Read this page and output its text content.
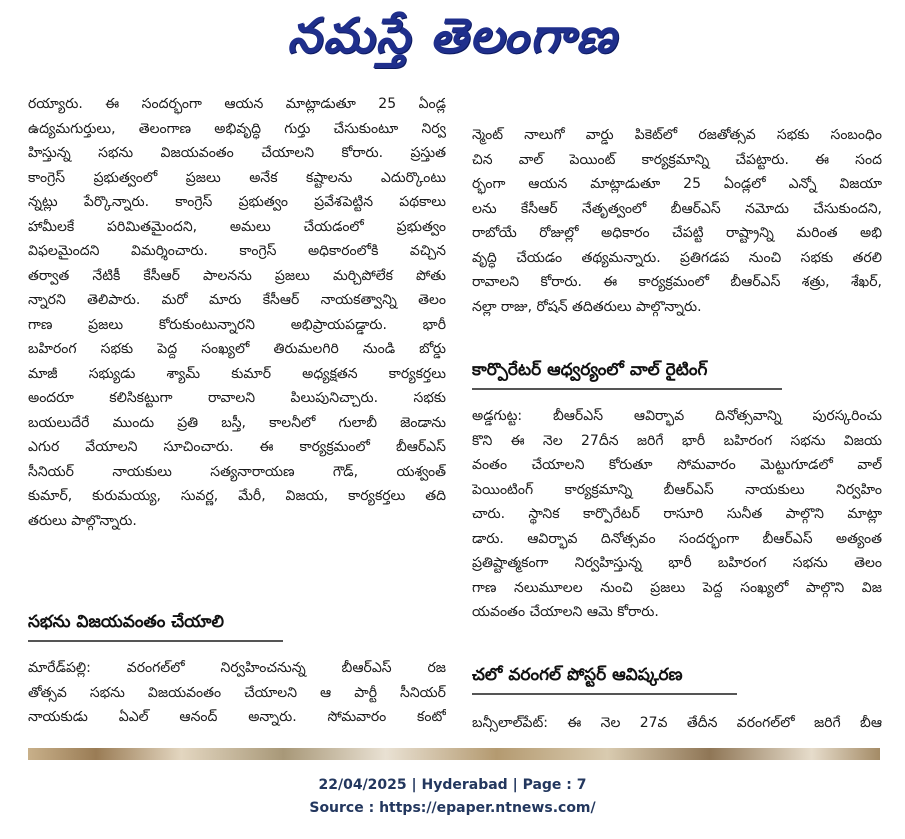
నమస్తే తెలంగాణ
రయ్యారు. ఈ సందర్భంగా ఆయన మాట్లాడుతూ 25 ఏండ్ల
ఉద్యమగుర్తులు, తెలంగాణ అభివృద్ధి గుర్తు చేసుకుంటూ నిర్వ
హిస్తున్న సభను విజయవంతం చేయాలని కోరారు. ప్రస్తుత
కాంగ్రెస్ ప్రభుత్వంలో ప్రజలు అనేక కష్టాలను ఎదుర్కొంటు
న్నట్లు పేర్కొన్నారు. కాంగ్రెస్ ప్రభుత్వం ప్రవేశపెట్టిన పథకాలు
హామీలకే పరిమితమైందని, అమలు చేయడంలో ప్రభుత్వం
విఫలమైందని విమర్శించారు. కాంగ్రెస్ అధికారంలోకి వచ్చిన
తర్వాత నేటికీ కేసీఆర్ పాలనను ప్రజలు మర్చిపోలేక పోతు
న్నారని తెలిపారు. మరో మారు కేసీఆర్ నాయకత్వాన్ని తెలం
గాణ ప్రజలు కోరుకుంటున్నారని అభిప్రాయపడ్డారు. భారీ
బహిరంగ సభకు పెద్ద సంఖ్యలో తిరుమలగిరి నుండి బోర్డు
మాజీ సభ్యుడు శ్యామ్ కుమార్ అధ్యక్షతన కార్యకర్తలు
అందరూ కలిసికట్టుగా రావాలని పిలుపునిచ్చారు. సభకు
బయలుదేరే ముందు ప్రతి బస్తీ, కాలనీలో గులాబీ జెండాను
ఎగుర వేయాలని సూచించారు. ఈ కార్యక్రమంలో బీఆర్ఎస్
సీనియర్ నాయకులు సత్యనారాయణ గౌడ్, యశ్వంత్
కుమార్, కురుమయ్య, సువర్ణ, మేరీ, విజయ, కార్యకర్తలు తది
తరులు పాల్గొన్నారు.
సభను విజయవంతం చేయాలి
మారేడ్‌పల్లి: వరంగల్‌లో నిర్వహించనున్న బీఆర్ఎస్ రజ
తోత్సవ సభను విజయవంతం చేయాలని ఆ పార్టీ సీనియర్
నాయకుడు ఏఎల్ ఆనంద్ అన్నారు. సోమవారం కంటో
న్మెంట్ నాలుగో వార్డు పికెట్‌లో రజతోత్సవ సభకు సంబంధిం
చిన వాల్ పెయింట్ కార్యక్రమాన్ని చేపట్టారు. ఈ సంద
ర్భంగా ఆయన మాట్లాడుతూ 25 ఏండ్లలో ఎన్నో విజయా
లను కేసీఆర్ నేతృత్వంలో బీఆర్ఎస్ నమోదు చేసుకుందని,
రాబోయే రోజుల్లో అధికారం చేపట్టి రాష్ట్రాన్ని మరింత అభి
వృద్ధి చేయడం తథ్యమన్నారు. ప్రతిగడప నుంచి సభకు తరలి
రావాలని కోరారు. ఈ కార్యక్రమంలో బీఆర్ఎస్ శత్రు, శేఖర్,
నల్లా రాజు, రోషన్ తదితరులు పాల్గొన్నారు.
కార్పొరేటర్ ఆధ్వర్యంలో వాల్ రైటింగ్
అడ్డగుట్ట: బీఆర్ఎస్ ఆవిర్భావ దినోత్సవాన్ని పురస్కరించు
కొని ఈ నెల 27దీన జరిగే భారీ బహిరంగ సభను విజయ
వంతం చేయాలని కోరుతూ సోమవారం మెట్టుగూడలో వాల్
పెయింటింగ్ కార్యక్రమాన్ని బీఆర్ఎస్ నాయకులు నిర్వహిం
చారు. స్థానిక కార్పొరేటర్ రాసూరి సునీత పాల్గొని మాట్లా
డారు. ఆవిర్భావ దినోత్సవం సందర్భంగా బీఆర్ఎస్ అత్యంత
ప్రతిష్టాత్మకంగా నిర్వహిస్తున్న భారీ బహిరంగ సభను తెలం
గాణ నలుమూలల నుంచి ప్రజలు పెద్ద సంఖ్యలో పాల్గొని విజ
యవంతం చేయాలని ఆమె కోరారు.
చలో వరంగల్ పోస్టర్ ఆవిష్కరణ
బన్సీలాల్‌పేట్: ఈ నెల 27వ తేదీన వరంగల్‌లో జరిగే బీఆ
22/04/2025 | Hyderabad | Page : 7
Source : https://epaper.ntnews.com/
